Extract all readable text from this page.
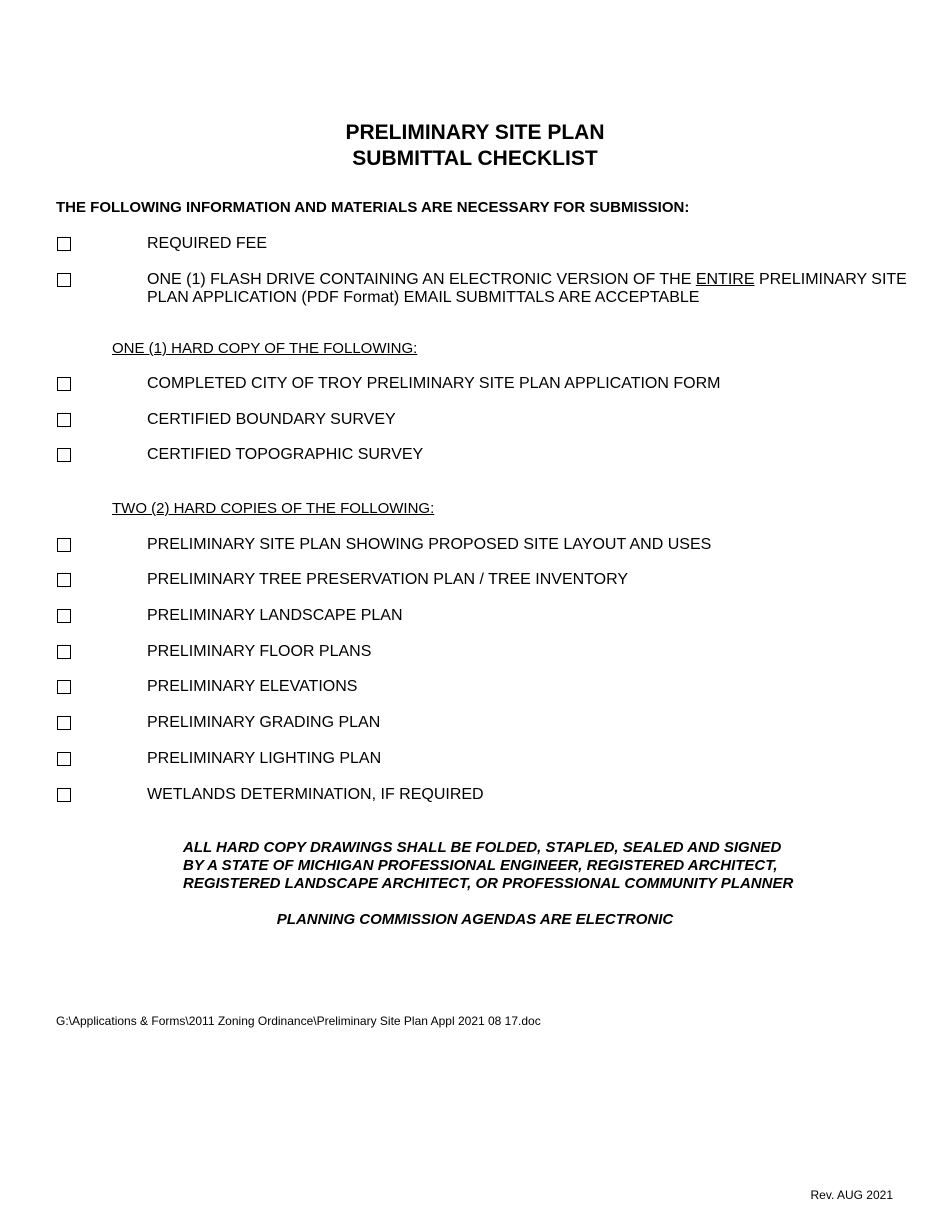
PRELIMINARY SITE PLAN
SUBMITTAL CHECKLIST
THE FOLLOWING INFORMATION AND MATERIALS ARE NECESSARY FOR SUBMISSION:
REQUIRED FEE
ONE (1) FLASH DRIVE CONTAINING AN ELECTRONIC VERSION OF THE ENTIRE PRELIMINARY SITE PLAN APPLICATION (PDF Format) EMAIL SUBMITTALS ARE ACCEPTABLE
ONE (1) HARD COPY OF THE FOLLOWING:
COMPLETED CITY OF TROY PRELIMINARY SITE PLAN APPLICATION FORM
CERTIFIED BOUNDARY SURVEY
CERTIFIED TOPOGRAPHIC SURVEY
TWO (2) HARD COPIES OF THE FOLLOWING:
PRELIMINARY SITE PLAN SHOWING PROPOSED SITE LAYOUT AND USES
PRELIMINARY TREE PRESERVATION PLAN / TREE INVENTORY
PRELIMINARY LANDSCAPE PLAN
PRELIMINARY FLOOR PLANS
PRELIMINARY ELEVATIONS
PRELIMINARY GRADING PLAN
PRELIMINARY LIGHTING PLAN
WETLANDS DETERMINATION, IF REQUIRED
ALL HARD COPY DRAWINGS SHALL BE FOLDED, STAPLED, SEALED AND SIGNED
BY A STATE OF MICHIGAN PROFESSIONAL ENGINEER, REGISTERED ARCHITECT,
REGISTERED LANDSCAPE ARCHITECT, OR PROFESSIONAL COMMUNITY PLANNER
PLANNING COMMISSION AGENDAS ARE ELECTRONIC
G:\Applications & Forms\2011 Zoning Ordinance\Preliminary Site Plan Appl 2021 08 17.doc
Rev. AUG 2021
